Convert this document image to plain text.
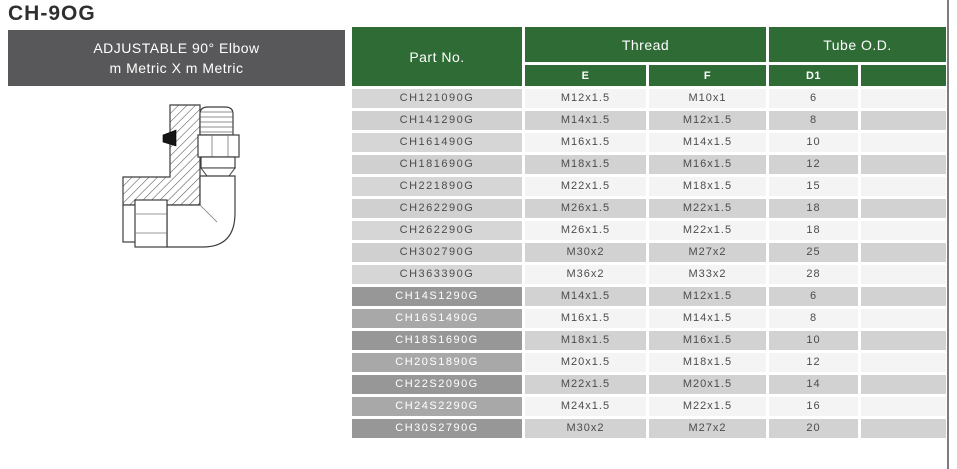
CH-9OG
ADJUSTABLE 90° Elbow
m Metric X m Metric
Part No.
Thread	Tube O.D.
E	F	D1
CH121090G	M12x1.5	M10x1	6
CH141290G	M14x1.5	M12x1.5	8
CH161490G	M16x1.5	M14x1.5	10
CH181690G	M18x1.5	M16x1.5	12
CH221890G	M22x1.5	M18x1.5	15
CH262290G	M26x1.5	M22x1.5	18
CH262290G	M26x1.5	M22x1.5	18
CH302790G	M30x2	M27x2	25
CH363390G	M36x2	M33x2	28
CH14S1290G	M14x1.5	M12x1.5	6
CH16S1490G	M16x1.5	M14x1.5	8
CH18S1690G	M18x1.5	M16x1.5	10
CH20S1890G	M20x1.5	M18x1.5	12
CH22S2090G	M22x1.5	M20x1.5	14
CH24S2290G	M24x1.5	M22x1.5	16
CH30S2790G	M30x2	M27x2	20
